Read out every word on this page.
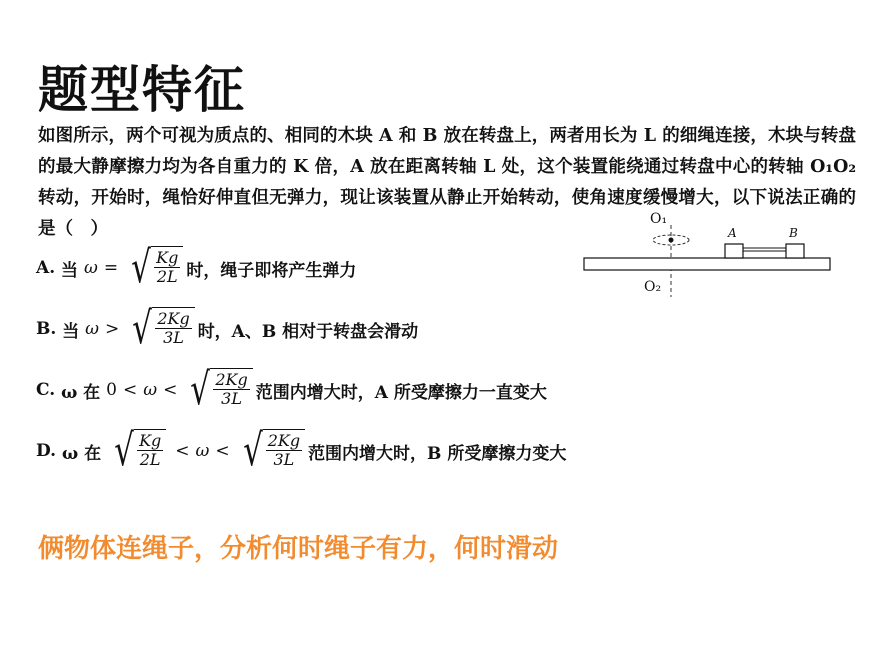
题型特征
如图所示，两个可视为质点的、相同的木块 A 和 B 放在转盘上，两者用长为 L 的细绳连接，木块与转盘的最大静摩擦力均为各自重力的 K 倍，A 放在距离转轴 L 处，这个装置能绕通过转盘中心的转轴 O₁O₂ 转动，开始时，绳恰好伸直但无弹力，现让该装置从静止开始转动，使角速度缓慢增大，以下说法正确的是（　）	O₁
O₂
A	B
A.
当
ω = √ $\frac{Kg}{2L}$ 时，绳子即将产生弹力
B.
当
ω > √ $\frac{2Kg}{3L}$ 时，A、B 相对于转盘会滑动
C.
ω 在
0 < ω < √ $\frac{2Kg}{3L}$ 范围内增大时，A 所受摩擦力一直变大
D.
ω 在
√ $\frac{Kg}{2L} < \omega$ < √ $\frac{2Kg}{3L}$ 范围内增大时，B 所受摩擦力变大
俩物体连绳子，分析何时绳子有力，何时滑动
